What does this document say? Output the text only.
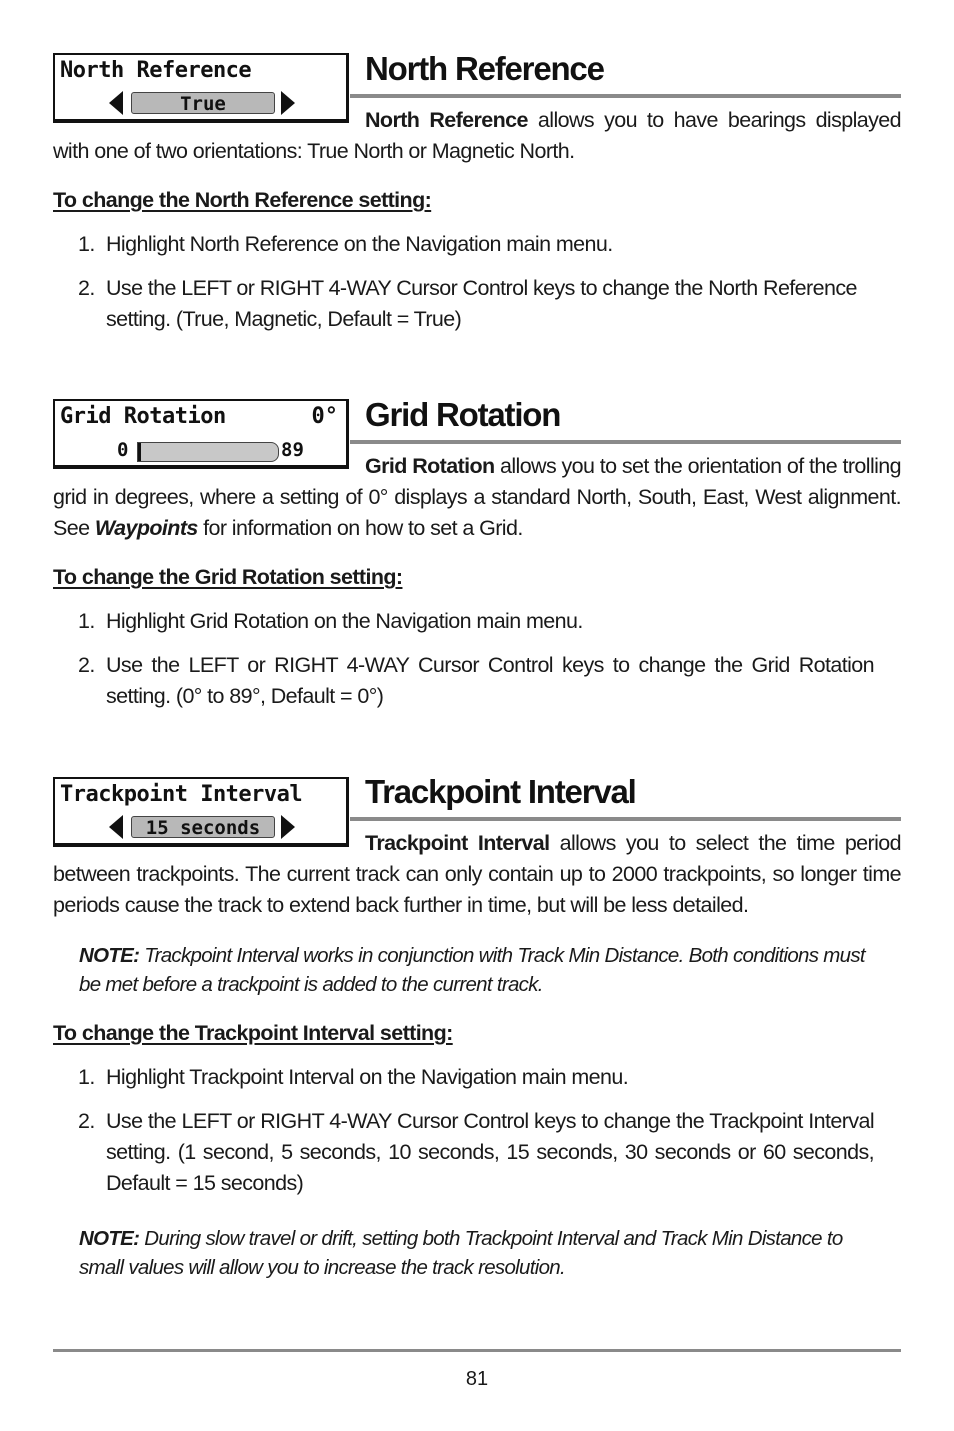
North Reference
True
North Reference

North Reference allows you to have bearings displayed with one of two orientations: True North or Magnetic North.

To change the North Reference setting:
1. Highlight North Reference on the Navigation main menu.
2. Use the LEFT or RIGHT 4-WAY Cursor Control keys to change the North Reference setting. (True, Magnetic, Default = True)
Grid Rotation	0°
0	89
Grid Rotation

Grid Rotation allows you to set the orientation of the trolling grid in degrees, where a setting of 0° displays a standard North, South, East, West alignment. See Waypoints for information on how to set a Grid.

To change the Grid Rotation setting:
1. Highlight Grid Rotation on the Navigation main menu.
2. Use the LEFT or RIGHT 4-WAY Cursor Control keys to change the Grid Rotation setting. (0° to 89°, Default = 0°)
Trackpoint Interval
15 seconds
Trackpoint Interval

Trackpoint Interval allows you to select the time period between trackpoints. The current track can only contain up to 2000 trackpoints, so longer time periods cause the track to extend back further in time, but will be less detailed.

NOTE: Trackpoint Interval works in conjunction with Track Min Distance. Both conditions must be met before a trackpoint is added to the current track.
To change the Trackpoint Interval setting:
1. Highlight Trackpoint Interval on the Navigation main menu.
2. Use the LEFT or RIGHT 4-WAY Cursor Control keys to change the Trackpoint Interval setting. (1 second, 5 seconds, 10 seconds, 15 seconds, 30 seconds or 60 seconds, Default = 15 seconds)
NOTE: During slow travel or drift, setting both Trackpoint Interval and Track Min Distance to small values will allow you to increase the track resolution.
81
